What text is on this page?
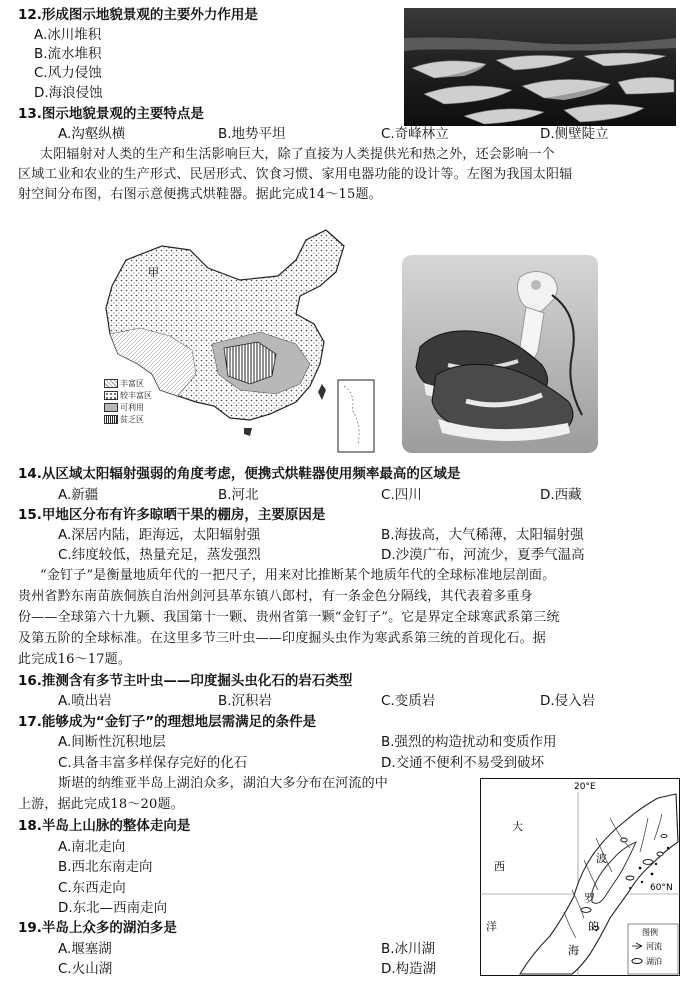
12.形成图示地貌景观的主要外力作用是
A.冰川堆积
B.流水堆积
C.风力侵蚀
D.海浪侵蚀
13.图示地貌景观的主要特点是
A.沟壑纵横	B.地势平坦	C.奇峰林立	D.侧壁陡立
太阳辐射对人类的生产和生活影响巨大，除了直接为人类提供光和热之外，还会影响一个
区域工业和农业的生产形式、民居形式、饮食习惯、家用电器功能的设计等。左图为我国太阳辐
射空间分布图，右图示意便携式烘鞋器。据此完成14～15题。
甲
丰富区
较丰富区
可利用
贫乏区
14.从区域太阳辐射强弱的角度考虑，便携式烘鞋器使用频率最高的区域是
A.新疆	B.河北	C.四川	D.西藏
15.甲地区分布有许多晾晒干果的棚房，主要原因是
A.深居内陆，距海远，太阳辐射强	B.海拔高，大气稀薄，太阳辐射强
C.纬度较低，热量充足，蒸发强烈	D.沙漠广布，河流少，夏季气温高
“金钉子”是衡量地质年代的一把尺子，用来对比推断某个地质年代的全球标准地层剖面。
贵州省黔东南苗族侗族自治州剑河县革东镇八郎村，有一条金色分隔线，其代表着多重身
份——全球第六十九颗、我国第十一颗、贵州省第一颗“金钉子”。它是界定全球寒武系第三统
及第五阶的全球标准。在这里多节三叶虫——印度掘头虫作为寒武系第三统的首现化石。据
此完成16～17题。
16.推测含有多节主叶虫——印度掘头虫化石的岩石类型
A.喷出岩	B.沉积岩	C.变质岩	D.侵入岩
17.能够成为“金钉子”的理想地层需满足的条件是
A.间断性沉积地层	B.强烈的构造扰动和变质作用
C.具备丰富多样保存完好的化石	D.交通不便利不易受到破坏
斯堪的纳维亚半岛上湖泊众多，湖泊大多分布在河流的中
上游，据此完成18～20题。
18.半岛上山脉的整体走向是
A.南北走向
B.西北东南走向
C.东西走向
D.东北—西南走向
19.半岛上众多的湖泊多是
A.堰塞湖	B.冰川湖
C.火山湖	D.构造湖
20°E
60°N
大
西
洋
波
罗
的
海
图例
河流
湖泊
